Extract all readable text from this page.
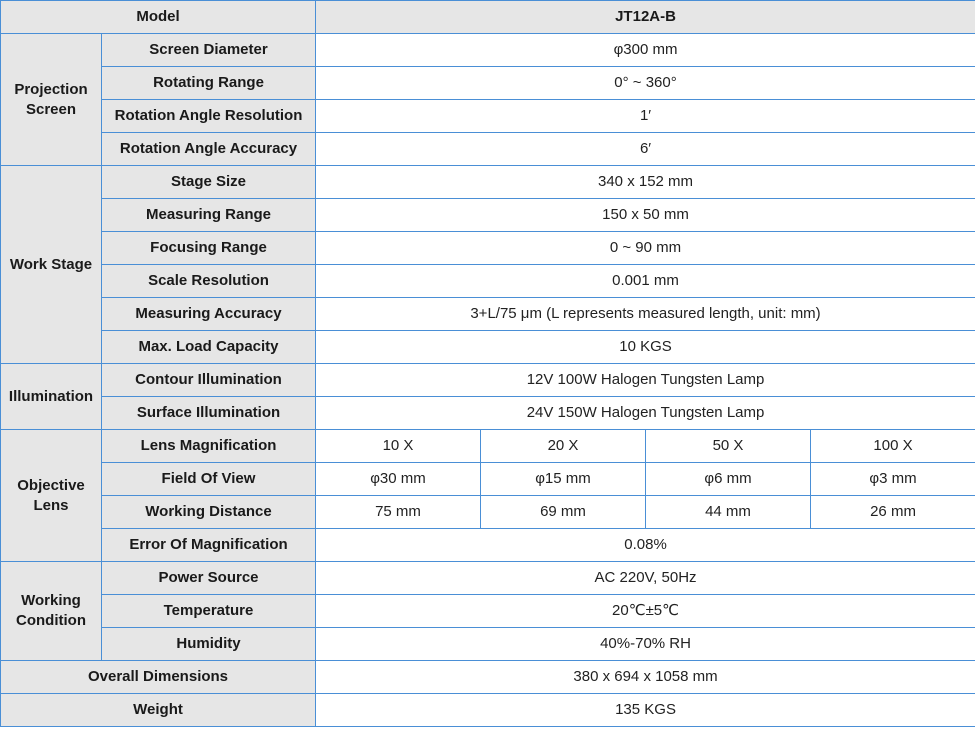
Model		JT12A-B			
Projection Screen	Screen Diameter	φ300 mm			
	Rotating Range	0° ~ 360°			
	Rotation Angle Resolution	1′			
	Rotation Angle Accuracy	6′			
Work Stage	Stage Size	340 x 152 mm			
	Measuring Range	150 x 50 mm			
	Focusing Range	0 ~ 90 mm			
	Scale Resolution	0.001 mm			
	Measuring Accuracy	3+L/75 μm (L represents measured length, unit: mm)			
	Max. Load Capacity	10 KGS			
Illumination	Contour Illumination	12V 100W Halogen Tungsten Lamp			
	Surface Illumination	24V 150W Halogen Tungsten Lamp			
Objective Lens	Lens Magnification	10 X	20 X	50 X	100 X
	Field Of View	φ30 mm	φ15 mm	φ6 mm	φ3 mm
	Working Distance	75 mm	69 mm	44 mm	26 mm
	Error Of Magnification	0.08%			
Working Condition	Power Source	AC 220V, 50Hz			
	Temperature	20℃±5℃			
	Humidity	40%-70% RH			
Overall Dimensions		380 x 694 x 1058 mm			
Weight		135 KGS			
